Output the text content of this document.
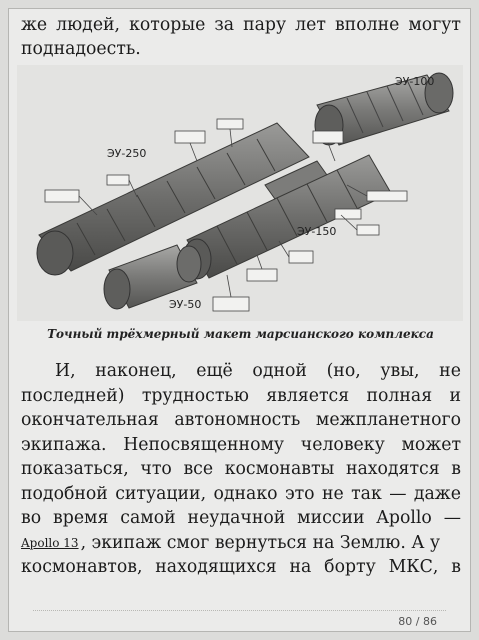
же людей, которые за пару лет вполне могут
поднадоесть.
ЭУ-100
ЭУ-250
ЭУ-150
ЭУ-50
Точный трёхмерный макет марсианского комплекса
И, наконец, ещё одной (но, увы, не
последней) трудностью является полная и
окончательная автономность межпланетного
экипажа. Непосвященному человеку может
показаться, что все космонавты находятся в
подобной ситуации, однако это не так — даже
во время самой неудачной миссии Apollo —
Apollo 13 , экипаж смог вернуться на Землю. А у
космонавтов, находящихся на борту МКС, в
80 / 86
